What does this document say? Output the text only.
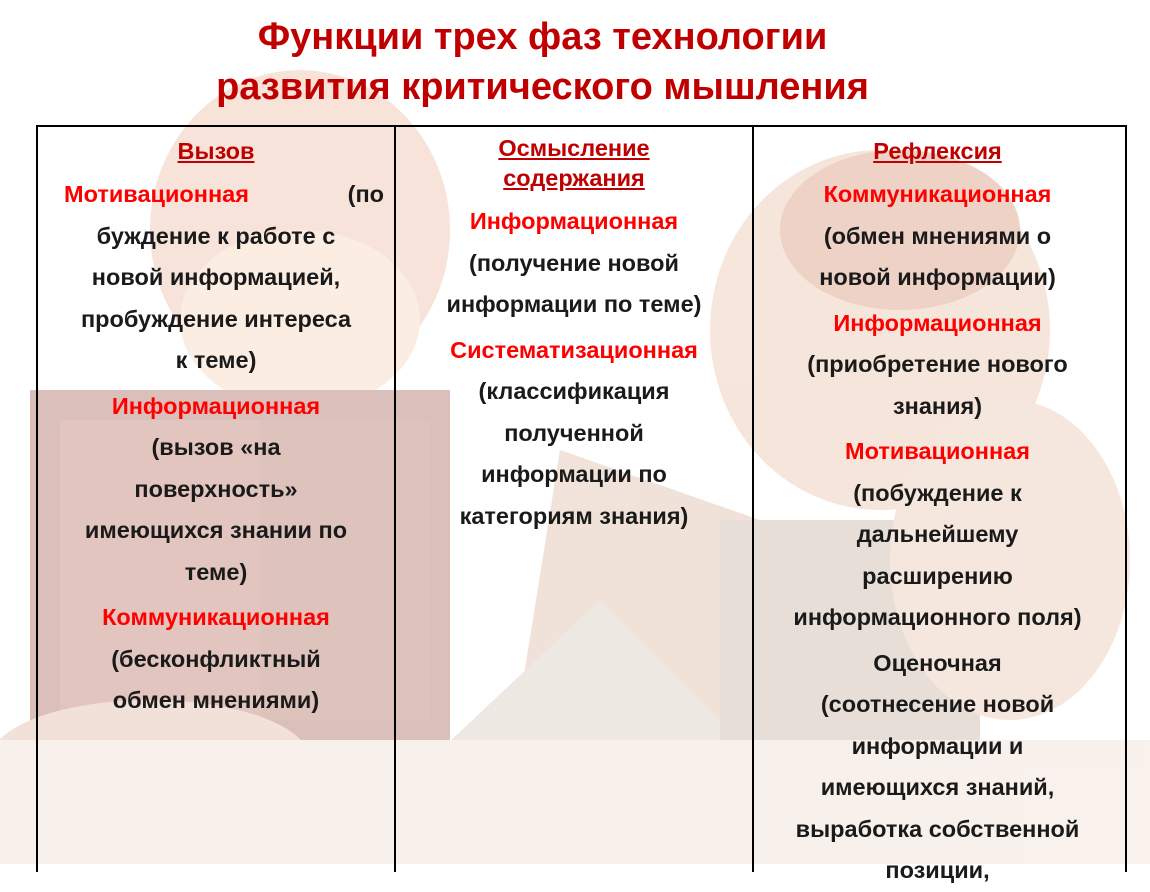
Функции трех фаз технологии
развития критического мышления
Вызов
Мотивационная	(по
буждение к работе с
новой информацией,
пробуждение интереса
к теме)
Информационная
(вызов «на
поверхность»
имеющихся знании по
теме)
Коммуникационная
(бесконфликтный
обмен мнениями)
Осмысление
содержания
Информационная
(получение новой
информации по теме)
Систематизационная
(классификация
полученной
информации по
категориям знания)
Рефлексия
Коммуникационная
(обмен мнениями о
новой информации)
Информационная
(приобретение нового
знания)
Мотивационная
(побуждение к
дальнейшему
расширению
информационного поля)
Оценочная
(соотнесение новой
информации и
имеющихся знаний,
выработка собственной
позиции,
